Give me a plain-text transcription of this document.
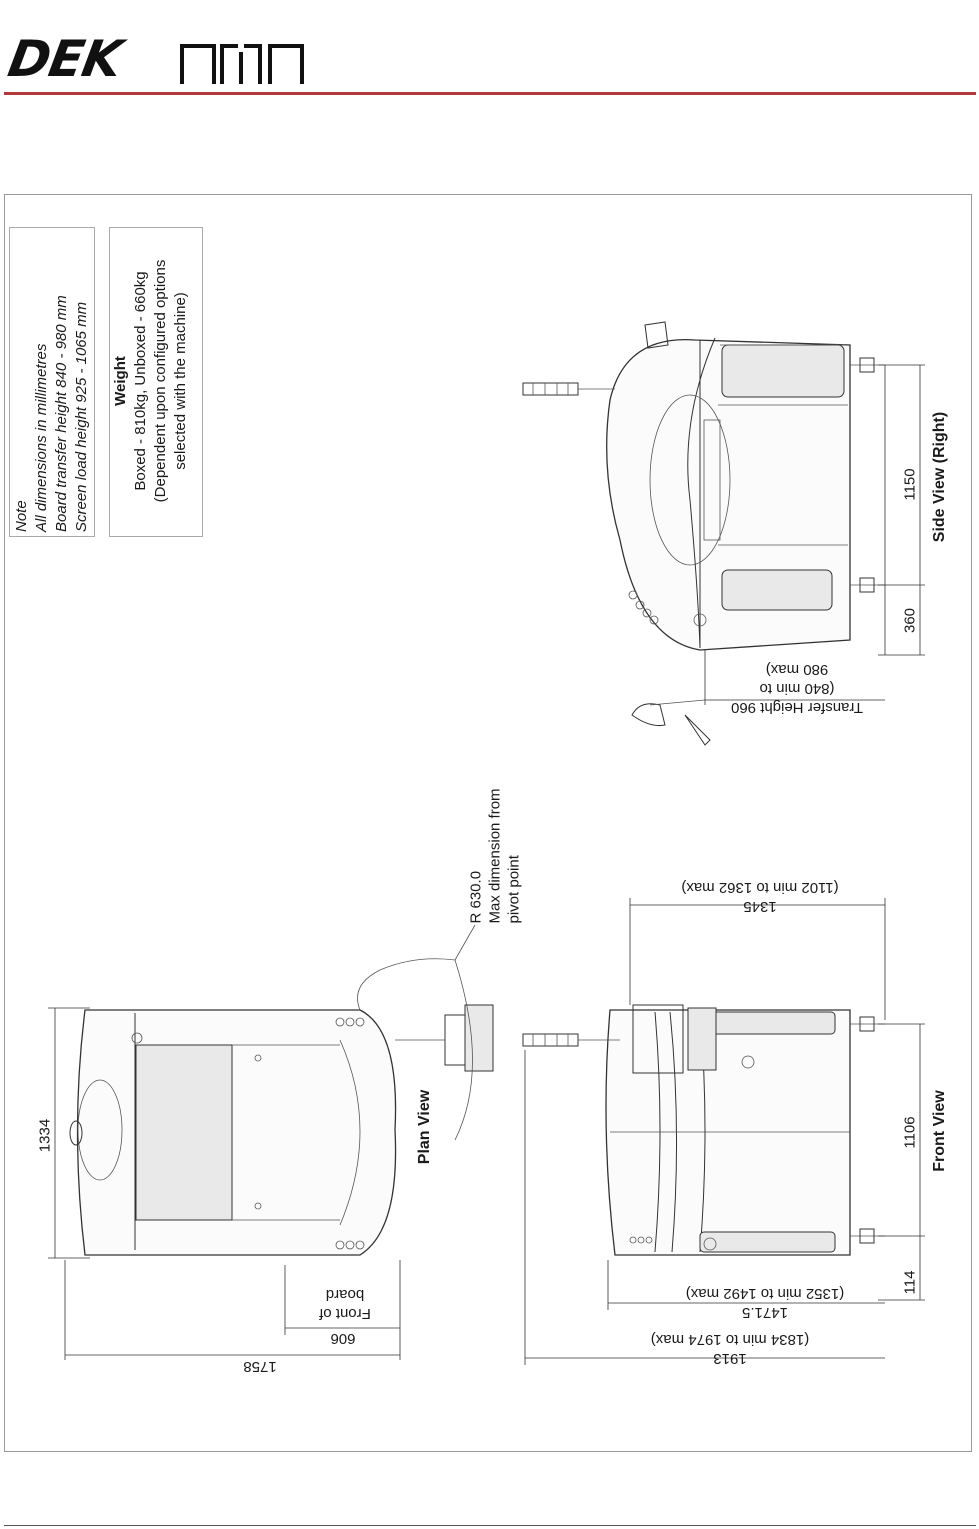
DEK
Note All dimensions in millimetres Board transfer height 840 - 980 mm Screen load height 925 - 1065 mm Weight Boxed - 810kg, Unboxed - 660kg (Dependent upon configured options selected with the machine)
Side View (Right)
1150
360
Transfer Height 960
(840 min to
980 max)
Plan View
1334
1758
606
Front of
board
R 630.0 Max dimension from pivot point
Front View
1345
(1102 min to 1362 max)
1106
114
1471.5
(1352 min to 1492 max)
1913
(1834 min to 1974 max)
